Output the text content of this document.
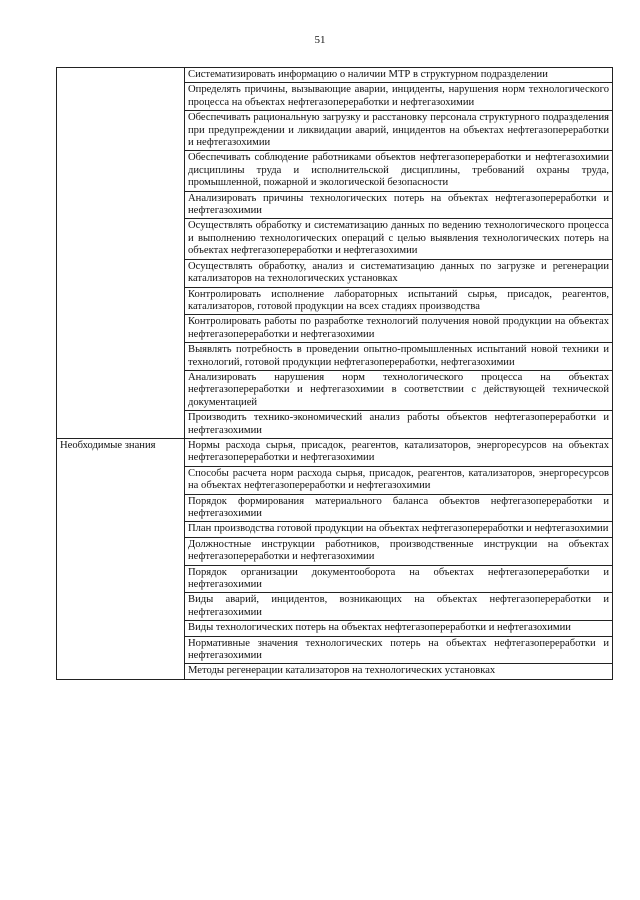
51
	Систематизировать информацию о наличии МТР в структурном подразделении
	Определять причины, вызывающие аварии, инциденты, нарушения норм технологического процесса на объектах нефтегазопереработки и нефтегазохимии
	Обеспечивать рациональную загрузку и расстановку персонала структурного подразделения при предупреждении и ликвидации аварий, инцидентов на объектах нефтегазопереработки и нефтегазохимии
	Обеспечивать соблюдение работниками объектов нефтегазопереработки и нефтегазохимии дисциплины труда и исполнительской дисциплины, требований охраны труда, промышленной, пожарной и экологической безопасности
	Анализировать причины технологических потерь на объектах нефтегазопереработки и нефтегазохимии
	Осуществлять обработку и систематизацию данных по ведению технологического процесса и выполнению технологических операций с целью выявления технологических потерь на объектах нефтегазопереработки и нефтегазохимии
	Осуществлять обработку, анализ и систематизацию данных по загрузке и регенерации катализаторов на технологических установках
	Контролировать исполнение лабораторных испытаний сырья, присадок, реагентов, катализаторов, готовой продукции на всех стадиях производства
	Контролировать работы по разработке технологий получения новой продукции на объектах нефтегазопереработки и нефтегазохимии
	Выявлять потребность в проведении опытно-промышленных испытаний новой техники и технологий, готовой продукции нефтегазопереработки, нефтегазохимии
	Анализировать нарушения норм технологического процесса на объектах нефтегазопереработки и нефтегазохимии в соответствии с действующей технической документацией
	Производить технико-экономический анализ работы объектов нефтегазопереработки и нефтегазохимии
Необходимые знания	Нормы расхода сырья, присадок, реагентов, катализаторов, энергоресурсов на объектах нефтегазопереработки и нефтегазохимии
	Способы расчета норм расхода сырья, присадок, реагентов, катализаторов, энергоресурсов на объектах нефтегазопереработки и нефтегазохимии
	Порядок формирования материального баланса объектов нефтегазопереработки и нефтегазохимии
	План производства готовой продукции на объектах нефтегазопереработки и нефтегазохимии
	Должностные инструкции работников, производственные инструкции на объектах нефтегазопереработки и нефтегазохимии
	Порядок организации документооборота на объектах нефтегазопереработки и нефтегазохимии
	Виды аварий, инцидентов, возникающих на объектах нефтегазопереработки и нефтегазохимии
	Виды технологических потерь на объектах нефтегазопереработки и нефтегазохимии
	Нормативные значения технологических потерь на объектах нефтегазопереработки и нефтегазохимии
	Методы регенерации катализаторов на технологических установках
